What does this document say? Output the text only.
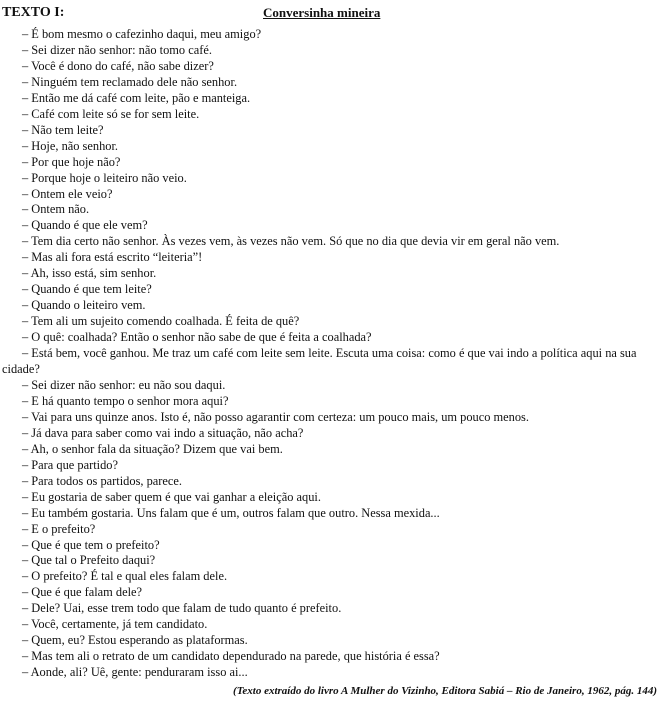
TEXTO I:	Conversinha mineira
– É bom mesmo o cafezinho daqui, meu amigo?
– Sei dizer não senhor: não tomo café.
– Você é dono do café, não sabe dizer?
– Ninguém tem reclamado dele não senhor.
– Então me dá café com leite, pão e manteiga.
– Café com leite só se for sem leite.
– Não tem leite?
– Hoje, não senhor.
– Por que hoje não?
– Porque hoje o leiteiro não veio.
– Ontem ele veio?
– Ontem não.
– Quando é que ele vem?
– Tem dia certo não senhor. Às vezes vem, às vezes não vem. Só que no dia que devia vir em geral não vem.
– Mas ali fora está escrito “leiteria”!
– Ah, isso está, sim senhor.
– Quando é que tem leite?
– Quando o leiteiro vem.
– Tem ali um sujeito comendo coalhada. É feita de quê?
– O quê: coalhada? Então o senhor não sabe de que é feita a coalhada?
– Está bem, você ganhou. Me traz um café com leite sem leite. Escuta uma coisa: como é que vai indo a política aqui na sua cidade?
– Sei dizer não senhor: eu não sou daqui.
– E há quanto tempo o senhor mora aqui?
– Vai para uns quinze anos. Isto é, não posso agarantir com certeza: um pouco mais, um pouco menos.
– Já dava para saber como vai indo a situação, não acha?
– Ah, o senhor fala da situação? Dizem que vai bem.
– Para que partido?
– Para todos os partidos, parece.
– Eu gostaria de saber quem é que vai ganhar a eleição aqui.
– Eu também gostaria. Uns falam que é um, outros falam que outro. Nessa mexida...
– E o prefeito?
– Que é que tem o prefeito?
– Que tal o Prefeito daqui?
– O prefeito? É tal e qual eles falam dele.
– Que é que falam dele?
– Dele? Uai, esse trem todo que falam de tudo quanto é prefeito.
– Você, certamente, já tem candidato.
– Quem, eu? Estou esperando as plataformas.
– Mas tem ali o retrato de um candidato dependurado na parede, que história é essa?
– Aonde, ali? Uê, gente: penduraram isso ai...
(Texto extraído do livro A Mulher do Vizinho, Editora Sabiá – Rio de Janeiro, 1962, pág. 144)
